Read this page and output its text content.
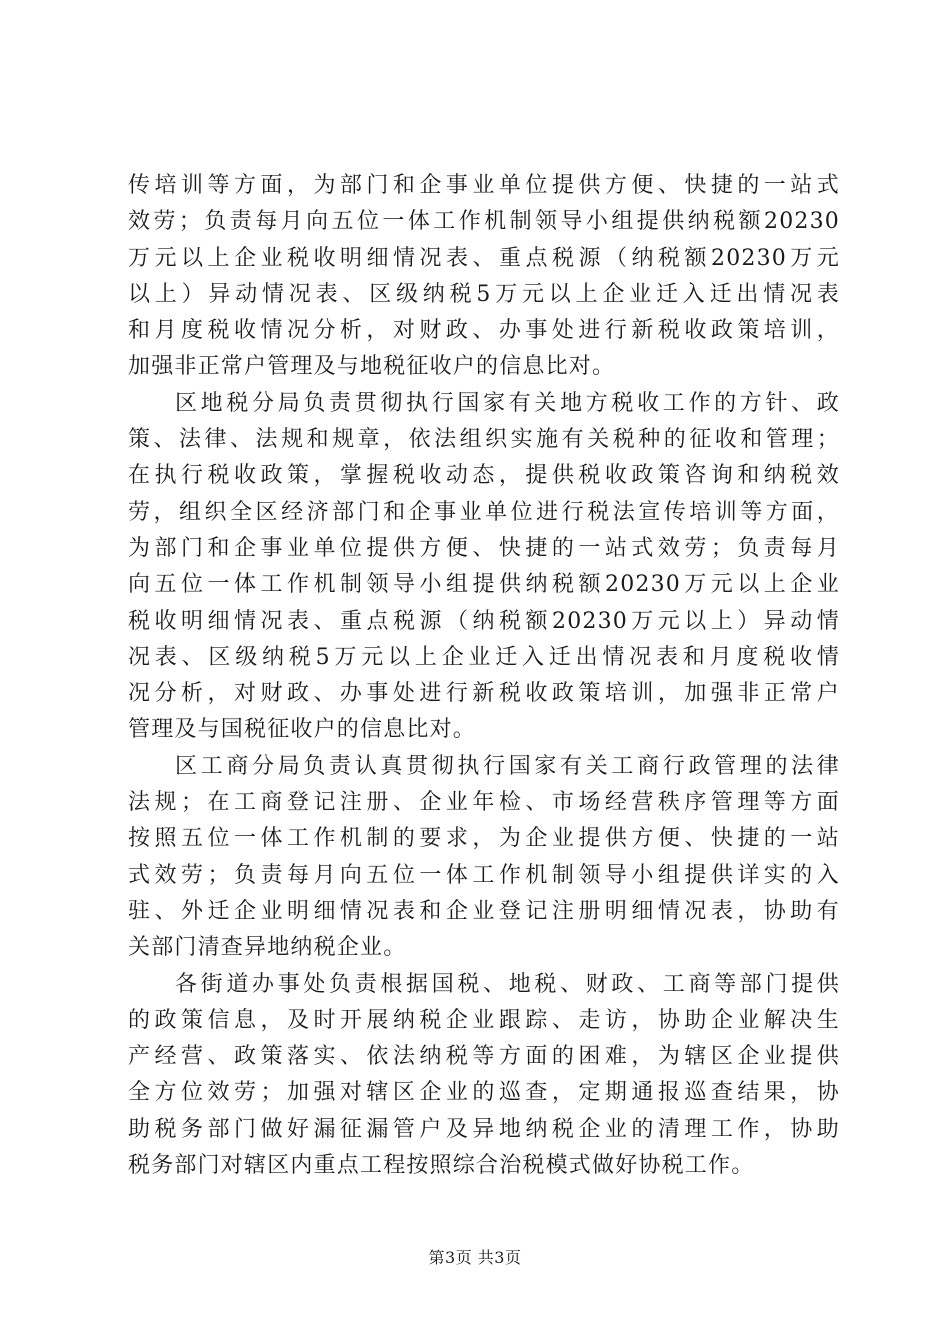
传培训等方面，为部门和企事业单位提供方便、快捷的一站式
效劳；负责每月向五位一体工作机制领导小组提供纳税额20230
万元以上企业税收明细情况表、重点税源（纳税额20230万元
以上）异动情况表、区级纳税5万元以上企业迁入迁出情况表
和月度税收情况分析，对财政、办事处进行新税收政策培训，
加强非正常户管理及与地税征收户的信息比对。
区地税分局负责贯彻执行国家有关地方税收工作的方针、政
策、法律、法规和规章，依法组织实施有关税种的征收和管理；
在执行税收政策，掌握税收动态，提供税收政策咨询和纳税效
劳，组织全区经济部门和企事业单位进行税法宣传培训等方面，
为部门和企事业单位提供方便、快捷的一站式效劳；负责每月
向五位一体工作机制领导小组提供纳税额20230万元以上企业
税收明细情况表、重点税源（纳税额20230万元以上）异动情
况表、区级纳税5万元以上企业迁入迁出情况表和月度税收情
况分析，对财政、办事处进行新税收政策培训，加强非正常户
管理及与国税征收户的信息比对。
区工商分局负责认真贯彻执行国家有关工商行政管理的法律
法规；在工商登记注册、企业年检、市场经营秩序管理等方面
按照五位一体工作机制的要求，为企业提供方便、快捷的一站
式效劳；负责每月向五位一体工作机制领导小组提供详实的入
驻、外迁企业明细情况表和企业登记注册明细情况表，协助有
关部门清查异地纳税企业。
各街道办事处负责根据国税、地税、财政、工商等部门提供
的政策信息，及时开展纳税企业跟踪、走访，协助企业解决生
产经营、政策落实、依法纳税等方面的困难，为辖区企业提供
全方位效劳；加强对辖区企业的巡查，定期通报巡查结果，协
助税务部门做好漏征漏管户及异地纳税企业的清理工作，协助
税务部门对辖区内重点工程按照综合治税模式做好协税工作。
第3页 共3页
